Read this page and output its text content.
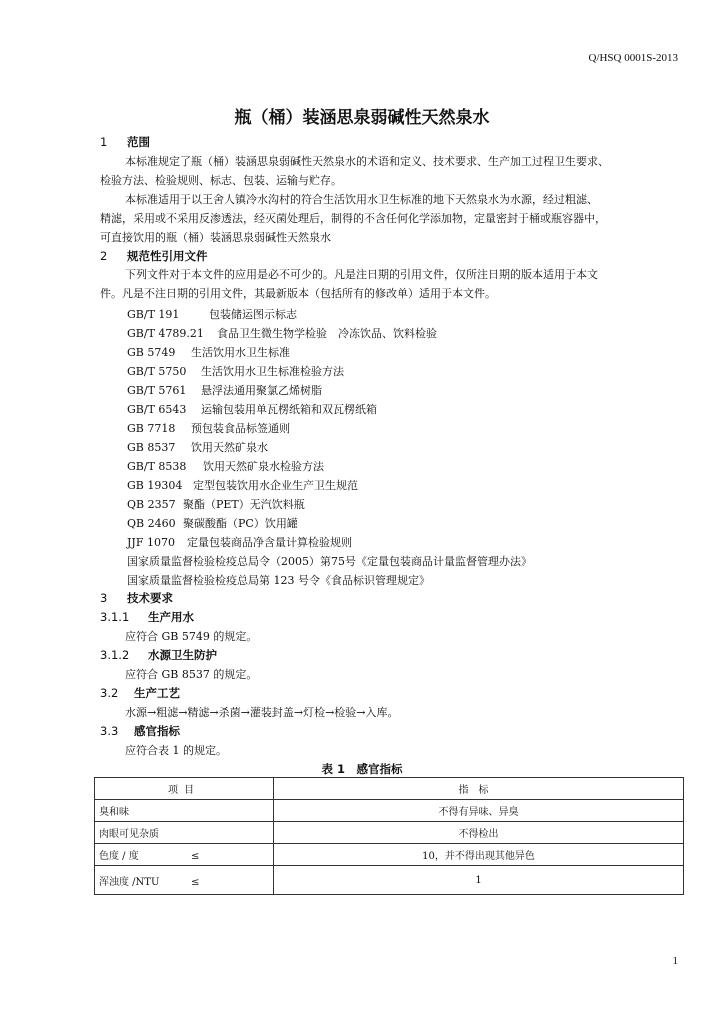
Q/HSQ 0001S-2013
瓶（桶）装涵思泉弱碱性天然泉水
1 范围
本标准规定了瓶（桶）装涵思泉弱碱性天然泉水的术语和定义、技术要求、生产加工过程卫生要求、
检验方法、检验规则、标志、包装、运输与贮存。
本标准适用于以王舍人镇冷水沟村的符合生活饮用水卫生标准的地下天然泉水为水源，经过粗滤、
精滤，采用或不采用反渗透法，经灭菌处理后，制得的不含任何化学添加物，定量密封于桶或瓶容器中，
可直接饮用的瓶（桶）装涵思泉弱碱性天然泉水
2 规范性引用文件
下列文件对于本文件的应用是必不可少的。凡是注日期的引用文件，仅所注日期的版本适用于本文
件。凡是不注日期的引用文件，其最新版本（包括所有的修改单）适用于本文件。
GB/T 191	包装储运图示标志
GB/T 4789.21 食品卫生微生物学检验　冷冻饮品、饮料检验
GB 5749 生活饮用水卫生标准
GB/T 5750 生活饮用水卫生标准检验方法
GB/T 5761 悬浮法通用聚氯乙烯树脂
GB/T 6543 运输包装用单瓦楞纸箱和双瓦楞纸箱
GB 7718 预包装食品标签通则
GB 8537 饮用天然矿泉水
GB/T 8538 饮用天然矿泉水检验方法
GB 19304 定型包装饮用水企业生产卫生规范
QB 2357 聚酯（PET）无汽饮料瓶
QB 2460 聚碳酸酯（PC）饮用罐
JJF 1070 定量包装商品净含量计算检验规则
国家质量监督检验检疫总局令（2005）第75号《定量包装商品计量监督管理办法》
国家质量监督检验检疫总局第 123 号令《食品标识管理规定》
3 技术要求
3.1.1 生产用水
应符合 GB 5749 的规定。
3.1.2 水源卫生防护
应符合 GB 8537 的规定。
3.2 生产工艺
水源→粗滤→精滤→杀菌→灌装封盖→灯检→检验→入库。
3.3 感官指标
应符合表 1 的规定。
表 1　感官指标
项目	指标
臭和味	不得有异味、异臭
肉眼可见杂质	不得检出
色度 / 度 ≤	10，并不得出现其他异色
浑浊度 /NTU ≤	1
1
